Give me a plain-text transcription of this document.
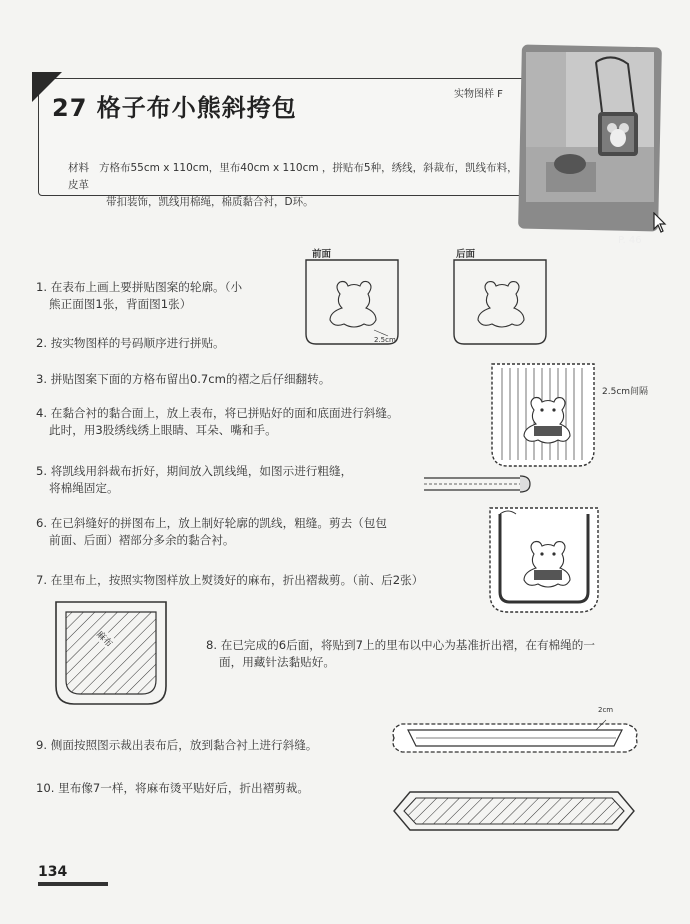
27 格子布小熊斜挎包	实物图样 F
材料 方格布55cm x 110cm，里布40cm x 110cm ，拼贴布5种，绣线，斜裁布，凯线布料，皮革
带扣装饰，凯线用棉绳，棉质黏合衬，D环。
P. 46
1. 在表布上画上要拼贴图案的轮廓。（小
熊正面图1张，背面图1张）
2. 按实物图样的号码顺序进行拼贴。
3. 拼贴图案下面的方格布留出0.7cm的褶之后仔细翻转。
4. 在黏合衬的黏合面上，放上表布，将已拼贴好的面和底面进行斜缝。
此时，用3股绣线绣上眼睛、耳朵、嘴和手。
5. 将凯线用斜裁布折好，期间放入凯线绳，如图示进行粗缝，
将棉绳固定。
6. 在已斜缝好的拼图布上，放上制好轮廓的凯线，粗缝。剪去（包包
前面、后面）褶部分多余的黏合衬。
7. 在里布上，按照实物图样放上熨烫好的麻布，折出褶裁剪。（前、后2张）
8. 在已完成的6后面，将贴到7上的里布以中心为基准折出褶，在有棉绳的一
面，用藏针法黏贴好。
9. 侧面按照图示裁出表布后，放到黏合衬上进行斜缝。
10. 里布像7一样，将麻布烫平贴好后，折出褶剪裁。
前面	后面
2.5cm
2.5cm间隔
麻布
2cm
134
